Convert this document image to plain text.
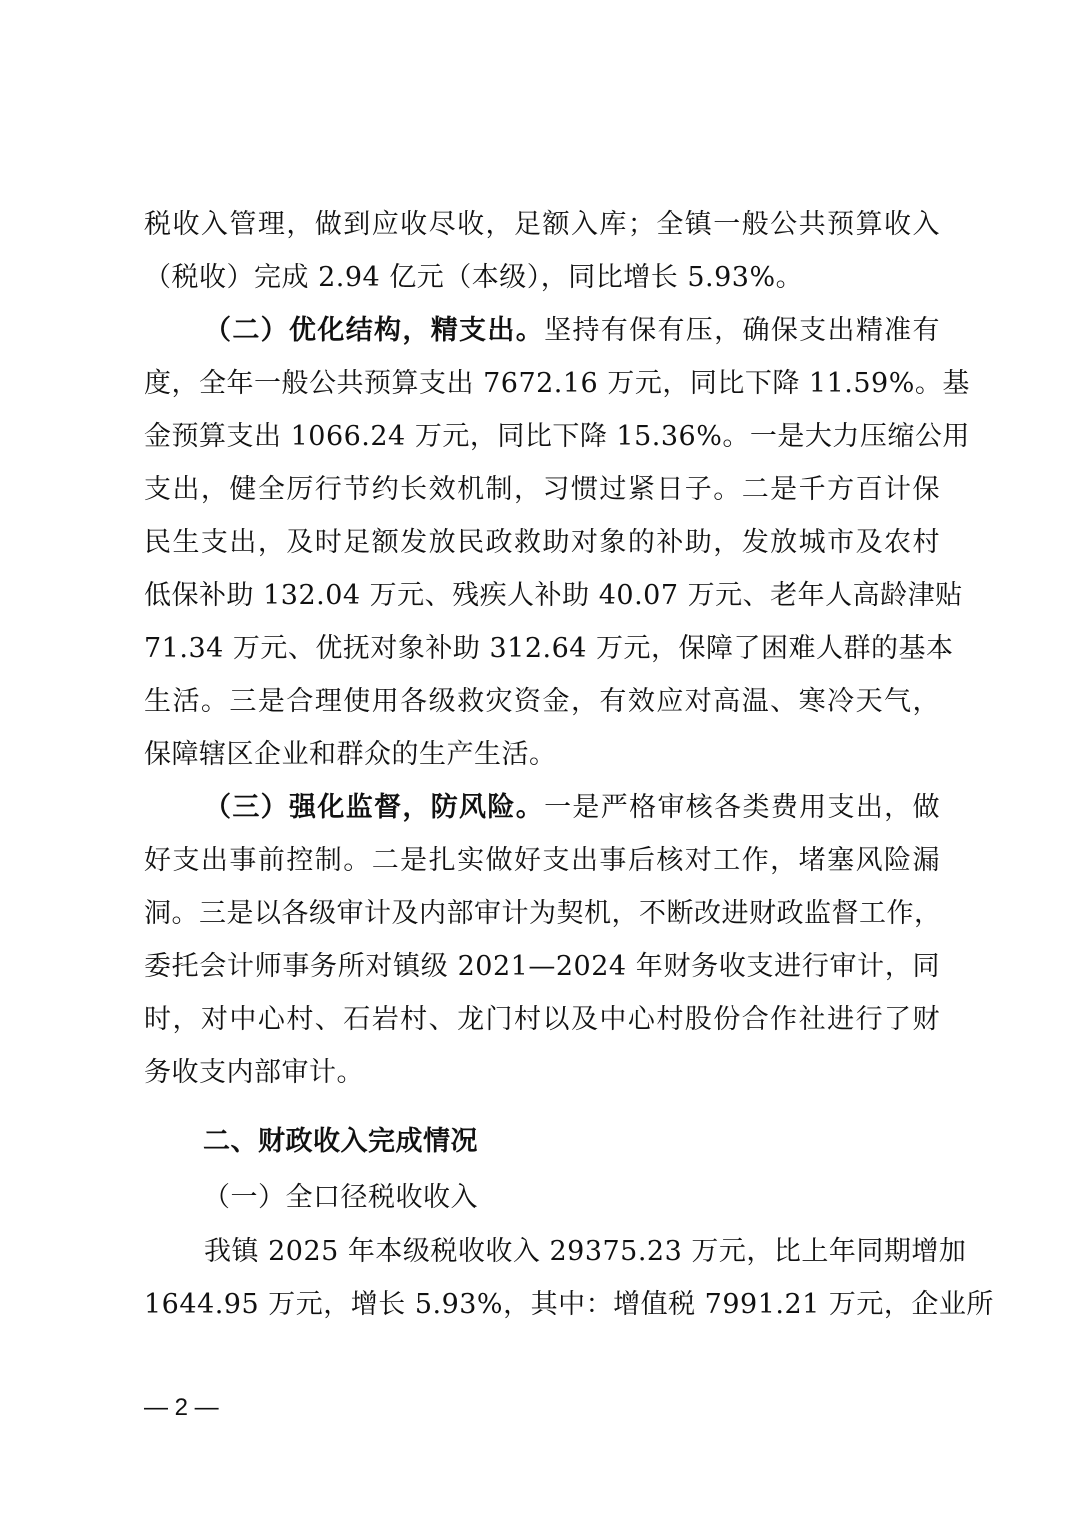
税收入管理，做到应收尽收，足额入库；全镇一般公共预算收入
（税收）完成 2.94 亿元（本级），同比增长 5.93%。
（二）优化结构，精支出。坚持有保有压，确保支出精准有
度，全年一般公共预算支出 7672.16 万元，同比下降 11.59%。基
金预算支出 1066.24 万元，同比下降 15.36%。一是大力压缩公用
支出，健全厉行节约长效机制，习惯过紧日子。二是千方百计保
民生支出，及时足额发放民政救助对象的补助，发放城市及农村
低保补助 132.04 万元、残疾人补助 40.07 万元、老年人高龄津贴
71.34 万元、优抚对象补助 312.64 万元，保障了困难人群的基本
生活。三是合理使用各级救灾资金，有效应对高温、寒冷天气，
保障辖区企业和群众的生产生活。
（三）强化监督，防风险。一是严格审核各类费用支出，做
好支出事前控制。二是扎实做好支出事后核对工作，堵塞风险漏
洞。三是以各级审计及内部审计为契机，不断改进财政监督工作，
委托会计师事务所对镇级 2021—2024 年财务收支进行审计，同
时，对中心村、石岩村、龙门村以及中心村股份合作社进行了财
务收支内部审计。
二、财政收入完成情况
（一）全口径税收收入
我镇 2025 年本级税收收入 29375.23 万元，比上年同期增加
1644.95 万元，增长 5.93%，其中：增值税 7991.21 万元，企业所
— 2 —
